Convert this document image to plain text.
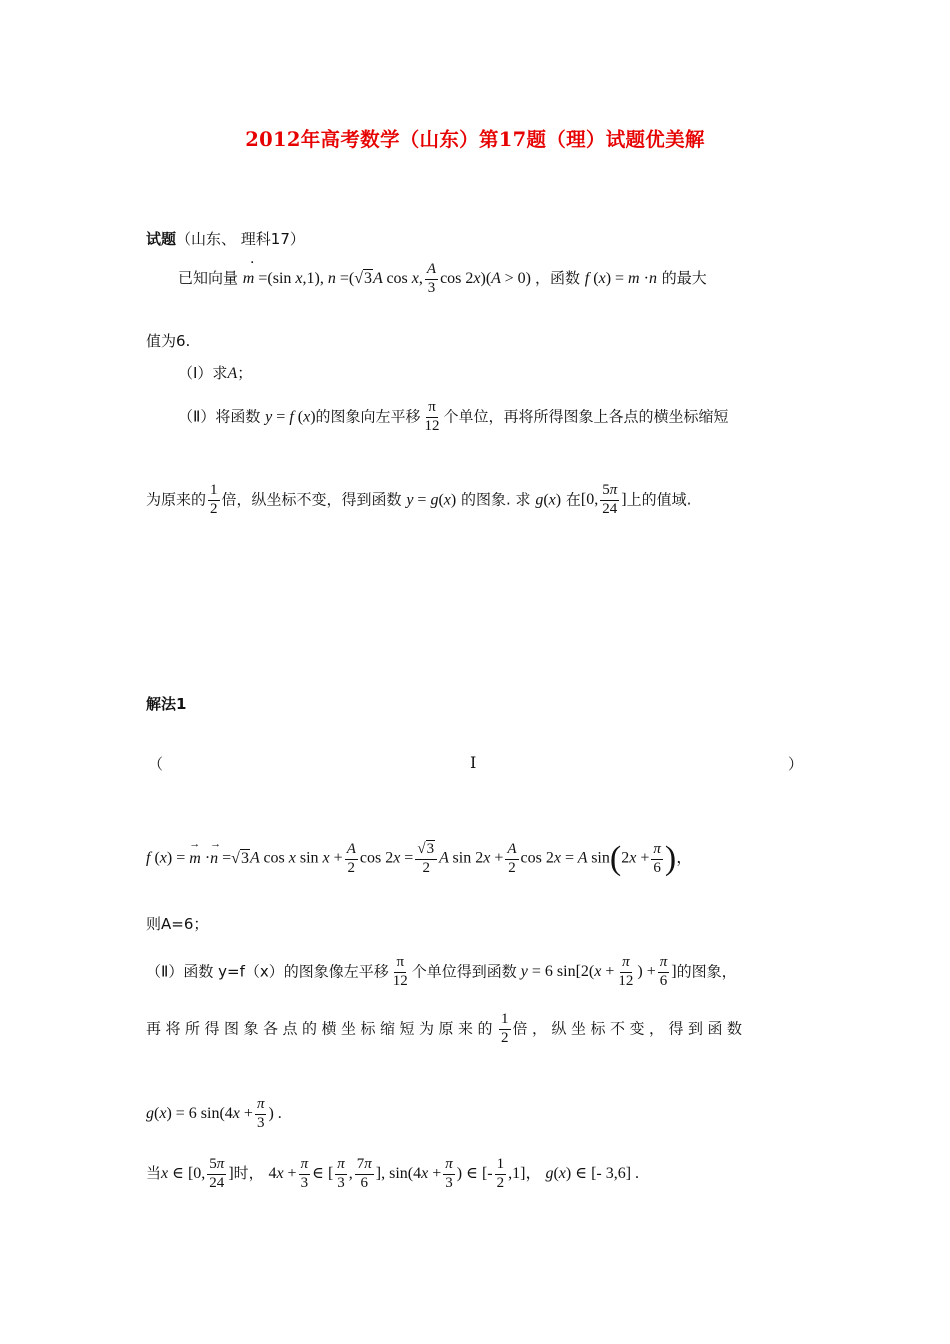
2012年高考数学（山东）第17题（理）试题优美解
试题（山东、 理科17）
·
已知向量 m =(sin x,1), n =(√3A cos x, $\frac{A}{3}$ cos 2x)(A > 0) ，函数 f (x) = m ·n 的最大
值为6.
（Ⅰ）求A；
（Ⅱ）将函数 y = f (x)的图象向左平移 $\frac{\pi}{12}$ 个单位，再将所得图象上各点的横坐标缩短
为原来的 $\frac{1}{2}$ 倍，纵坐标不变，得到函数 y = g(x) 的图象. 求 g(x) 在[0, $\frac{5\pi}{24}$ ]上的值域.
解法1
（	Ⅰ	）
f (x) = → m ·→ n =√3A cos x $\sin x + \frac{A}{2}$ $\cos 2x = \frac{√3}{2}$ A $\sin 2x + \frac{A}{2}$ cos 2x = A $\sin(2x + \frac{\pi}{6}$ )，
则A=6；
（Ⅱ）函数 y=f（x）的图象像左平移 $\frac{\pi}{12}$ 个单位得到函数 y = 6 $\sin[2(x + \frac{\pi}{12}$ ) + $\frac{\pi}{6}$ ]的图象，
再将所得图象各点的横坐标缩短为原来的 $\frac{1}{2}$ 倍，纵坐标不变，得到函数
g(x) = 6 $\sin(4x + \frac{\pi}{3}$ ) .
当x ∈ [0, $\frac{5\pi}{24}$ ]时， $4x + \frac{\pi}{3}$ ∈ [ $\frac{\pi}{3}$ , $\frac{7\pi}{6}$ ], $\sin(4x + \frac{\pi}{3}$ ) ∈ [- $\frac{1}{2} ,1$]， g(x) ∈ [- 3,6] .
